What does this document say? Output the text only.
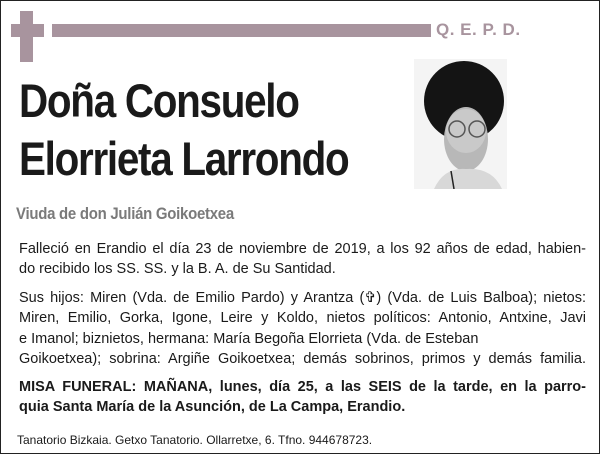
Q. E. P. D.
Doña Consuelo
Elorrieta Larrondo
Viuda de don Julián Goikoetxea
Falleció en Erandio el día 23 de noviembre de 2019, a los 92 años de edad, habien-
do recibido los SS. SS. y la B. A. de Su Santidad.
Sus hijos: Miren (Vda. de Emilio Pardo) y Arantza (✞) (Vda. de Luis Balboa); nietos:
Miren, Emilio, Gorka, Igone, Leire y Koldo, nietos políticos: Antonio, Antxine, Javi
e Imanol; biznietos, hermana: María Begoña Elorrieta (Vda. de Esteban
Goikoetxea); sobrina: Argiñe Goikoetxea; demás sobrinos, primos y demás familia.
MISA FUNERAL: MAÑANA, lunes, día 25, a las SEIS de la tarde, en la parro-
quia Santa María de la Asunción, de La Campa, Erandio.
Tanatorio Bizkaia. Getxo Tanatorio. Ollarretxe, 6. Tfno. 944678723.
